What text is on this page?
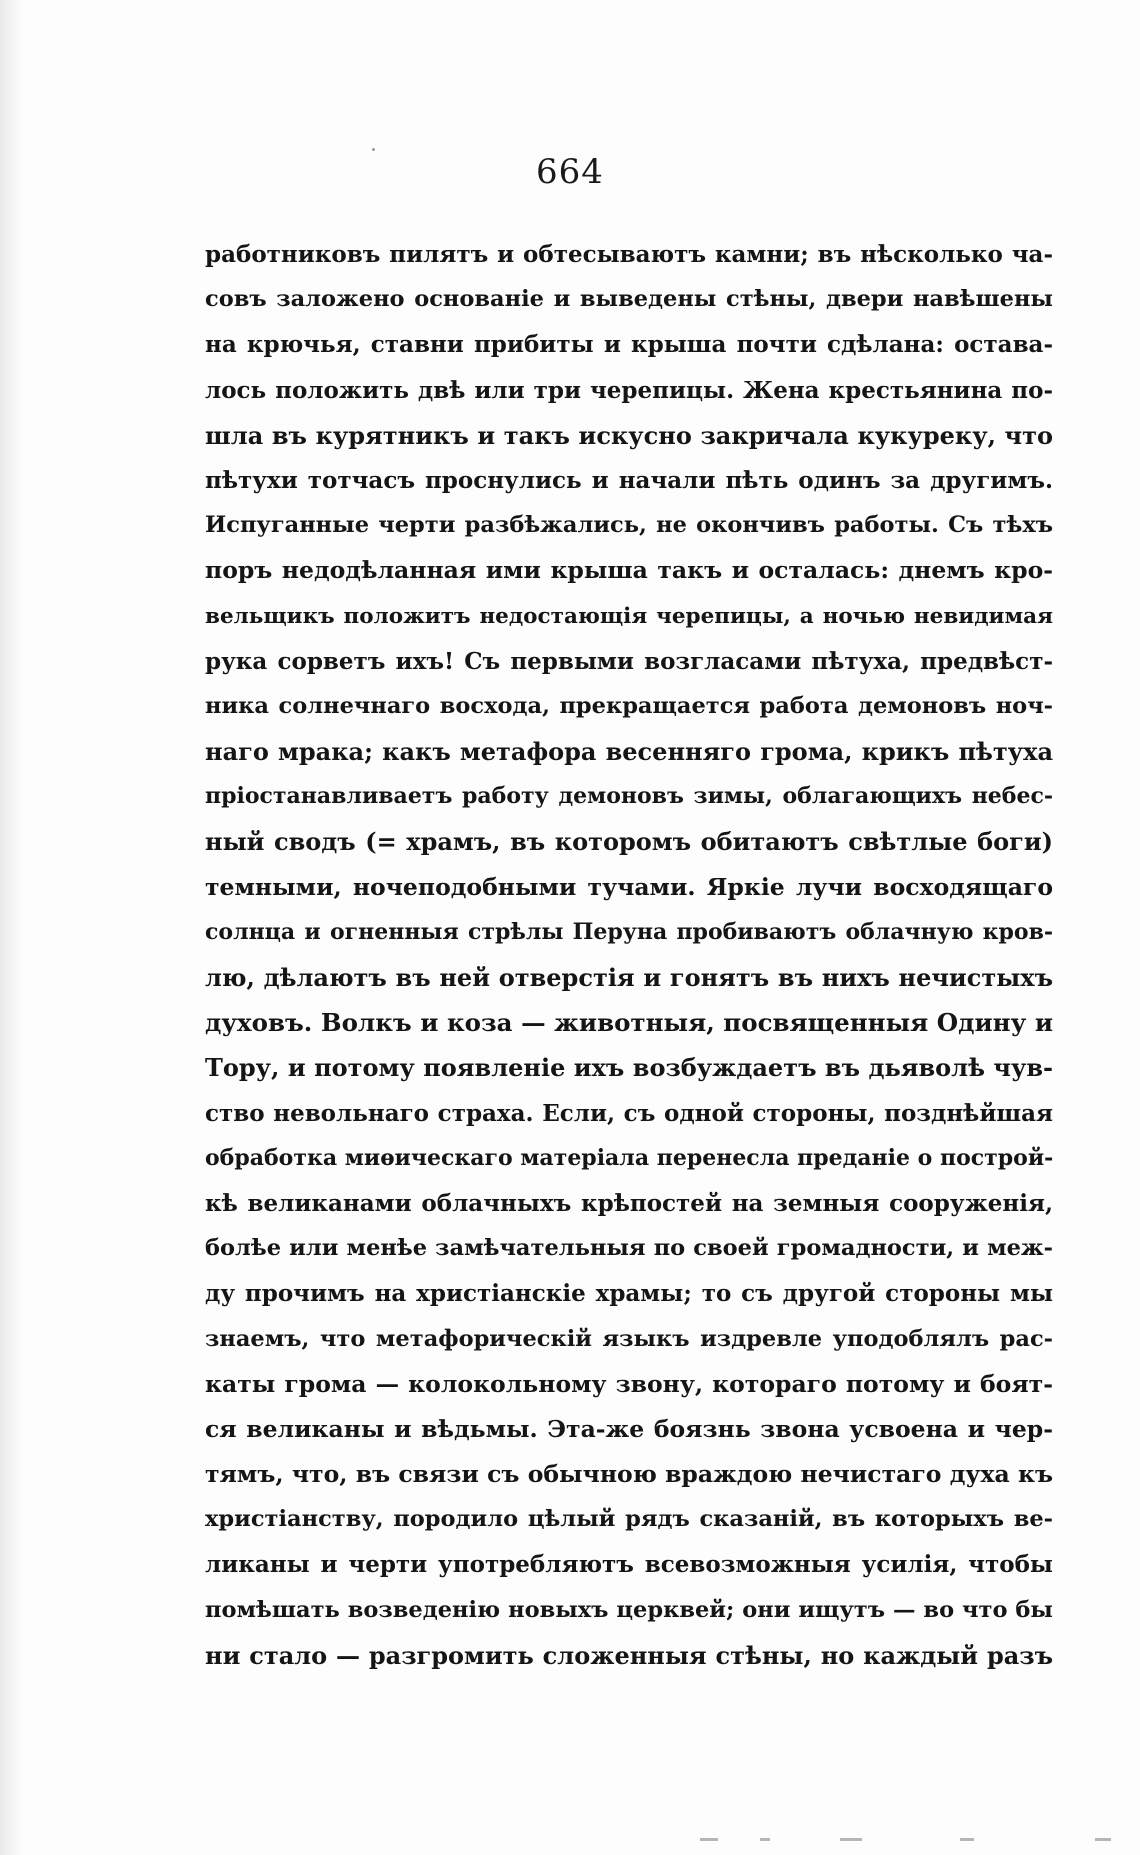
664
работниковъ пилятъ и обтесываютъ камни; въ нѣсколько ча-
совъ заложено основаніе и выведены стѣны, двери навѣшены
на крючья, ставни прибиты и крыша почти сдѣлана: остава-
лось положить двѣ или три черепицы. Жена крестьянина по-
шла въ курятникъ и такъ искусно закричала кукуреку, что
пѣтухи тотчасъ проснулись и начали пѣть одинъ за другимъ.
Испуганные черти разбѣжались, не окончивъ работы. Съ тѣхъ
поръ недодѣланная ими крыша такъ и осталась: днемъ кро-
вельщикъ положитъ недостающія черепицы, а ночью невидимая
рука сорветъ ихъ! Съ первыми возгласами пѣтуха, предвѣст-
ника солнечнаго восхода, прекращается работа демоновъ ноч-
наго мрака; какъ метафора весенняго грома, крикъ пѣтуха
пріостанавливаетъ работу демоновъ зимы, облагающихъ небес-
ный сводъ (= храмъ, въ которомъ обитаютъ свѣтлые боги)
темными, ночеподобными тучами. Яркіе лучи восходящаго
солнца и огненныя стрѣлы Перуна пробиваютъ облачную кров-
лю, дѣлаютъ въ ней отверстія и гонятъ въ нихъ нечистыхъ
духовъ. Волкъ и коза — животныя, посвященныя Одину и
Тору, и потому появленіе ихъ возбуждаетъ въ дьяволѣ чув-
ство невольнаго страха. Если, съ одной стороны, позднѣйшая
обработка миѳическаго матеріала перенесла преданіе о построй-
кѣ великанами облачныхъ крѣпостей на земныя сооруженія,
болѣе или менѣе замѣчательныя по своей громадности, и меж-
ду прочимъ на христіанскіе храмы; то съ другой стороны мы
знаемъ, что метафорическій языкъ издревле уподоблялъ рас-
каты грома — колокольному звону, котораго потому и боят-
ся великаны и вѣдьмы. Эта-же боязнь звона усвоена и чер-
тямъ, что, въ связи съ обычною враждою нечистаго духа къ
христіанству, породило цѣлый рядъ сказаній, въ которыхъ ве-
ликаны и черти употребляютъ всевозможныя усилія, чтобы
помѣшать возведенію новыхъ церквей; они ищутъ — во что бы
ни стало — разгромить сложенныя стѣны, но каждый разъ
